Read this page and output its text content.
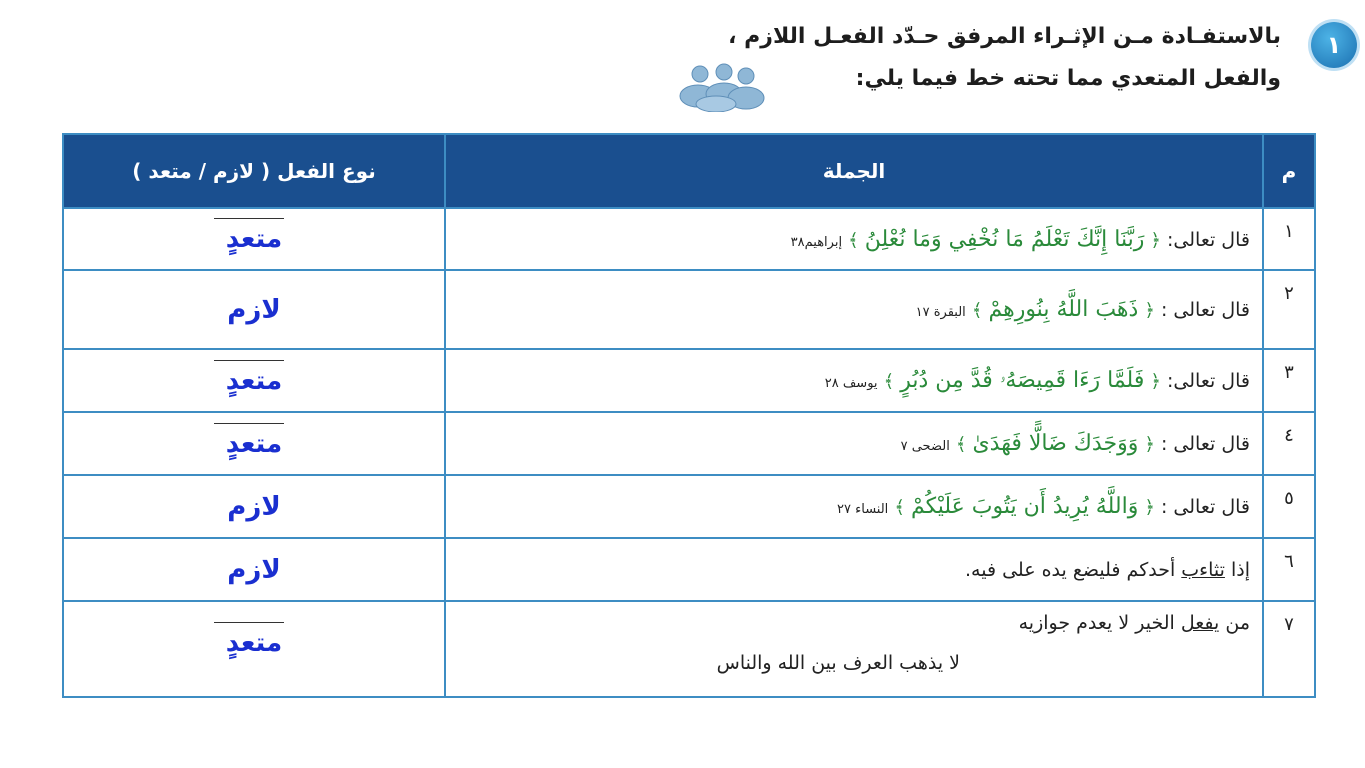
١
بالاستفـادة مـن الإثـراء المرفق حـدّد الفعـل اللازم ،
والفعل المتعدي مما تحته خط فيما يلي:
م	الجملة	نوع الفعل ( لازم / متعد )
١	قال تعالى: ﴿ رَبَّنَا إِنَّكَ تَعْلَمُ مَا نُخْفِي وَمَا نُعْلِنُ ﴾ إبراهيم٣٨	متعدٍ
٢	قال تعالى : ﴿ ذَهَبَ اللَّهُ بِنُورِهِمْ ﴾ البقرة ١٧	لازم
٣	قال تعالى: ﴿ فَلَمَّا رَءَا قَمِيصَهُۥ قُدَّ مِن دُبُرٍ ﴾ يوسف ٢٨	متعدٍ
٤	قال تعالى : ﴿ وَوَجَدَكَ ضَالًّا فَهَدَىٰ ﴾ الضحى ٧	متعدٍ
٥	قال تعالى : ﴿ وَاللَّهُ يُرِيدُ أَن يَتُوبَ عَلَيْكُمْ ﴾ النساء ٢٧	لازم
٦	إذا تثاءب أحدكم فليضع يده على فيه.	لازم
٧	من يفعل الخير لا يعدم جوازيه
لا يذهب العرف بين الله والناس	متعدٍ
